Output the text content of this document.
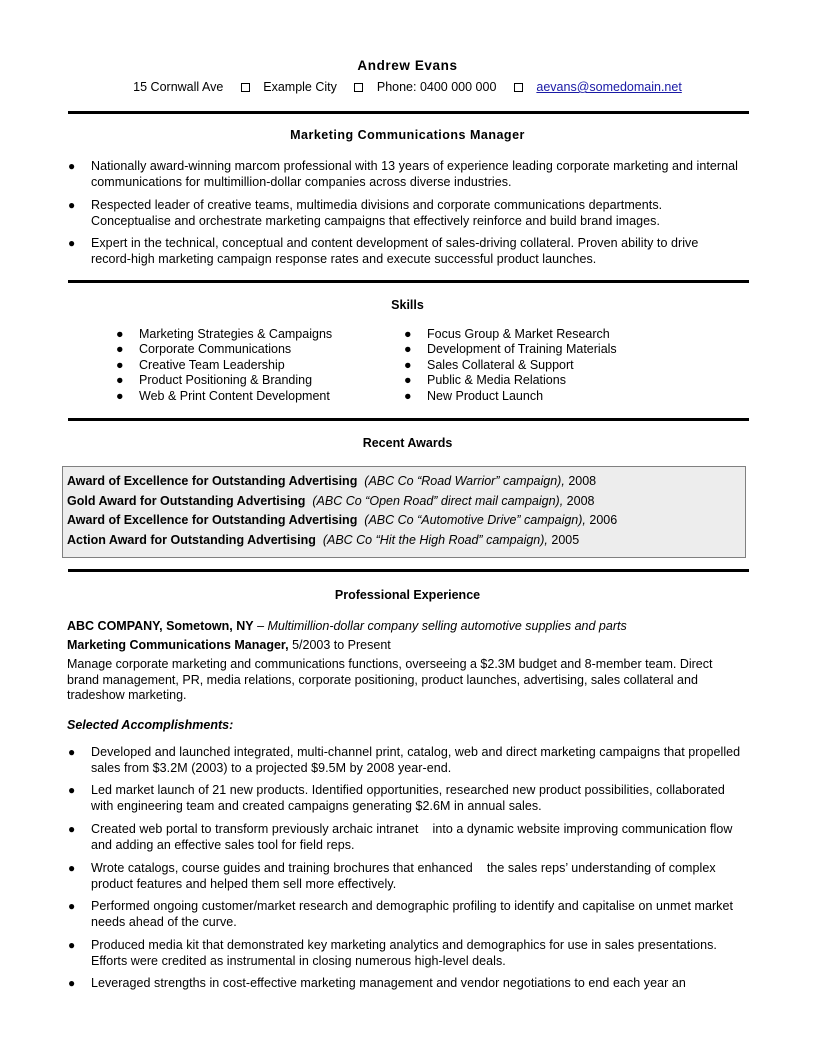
Andrew Evans
15 Cornwall Ave	Example City	Phone: 0400 000 000	aevans@somedomain.net
Marketing Communications Manager
● Nationally award-winning marcom professional with 13 years of experience leading corporate marketing and internal communications for multimillion-dollar companies across diverse industries.
● Respected leader of creative teams, multimedia divisions and corporate communications departments. Conceptualise and orchestrate marketing campaigns that effectively reinforce and build brand images.
● Expert in the technical, conceptual and content development of sales-driving collateral. Proven ability to drive record-high marketing campaign response rates and execute successful product launches.
Skills
● Marketing Strategies & Campaigns
● Corporate Communications
● Creative Team Leadership
● Product Positioning & Branding
● Web & Print Content Development
● Focus Group & Market Research
● Development of Training Materials
● Sales Collateral & Support
● Public & Media Relations
● New Product Launch
Recent Awards
Award of Excellence for Outstanding Advertising (ABC Co “Road Warrior” campaign), 2008
Gold Award for Outstanding Advertising (ABC Co “Open Road” direct mail campaign), 2008
Award of Excellence for Outstanding Advertising (ABC Co “Automotive Drive” campaign), 2006
Action Award for Outstanding Advertising (ABC Co “Hit the High Road” campaign), 2005
Professional Experience
ABC COMPANY, Sometown, NY – Multimillion-dollar company selling automotive supplies and parts
Marketing Communications Manager, 5/2003 to Present
Manage corporate marketing and communications functions, overseeing a $2.3M budget and 8-member team. Direct brand management, PR, media relations, corporate positioning, product launches, advertising, sales collateral and tradeshow marketing.
Selected Accomplishments:
● Developed and launched integrated, multi-channel print, catalog, web and direct marketing campaigns that propelled sales from $3.2M (2003) to a projected $9.5M by 2008 year-end.
● Led market launch of 21 new products. Identified opportunities, researched new product possibilities, collaborated with engineering team and created campaigns generating $2.6M in annual sales.
● Created web portal to transform previously archaic intranet    into a dynamic website improving communication flow and adding an effective sales tool for field reps.
● Wrote catalogs, course guides and training brochures that enhanced    the sales reps’ understanding of complex product features and helped them sell more effectively.
● Performed ongoing customer/market research and demographic profiling to identify and capitalise on unmet market needs ahead of the curve.
● Produced media kit that demonstrated key marketing analytics and demographics for use in sales presentations. Efforts were credited as instrumental in closing numerous high-level deals.
● Leveraged strengths in cost-effective marketing management and vendor negotiations to end each year an
